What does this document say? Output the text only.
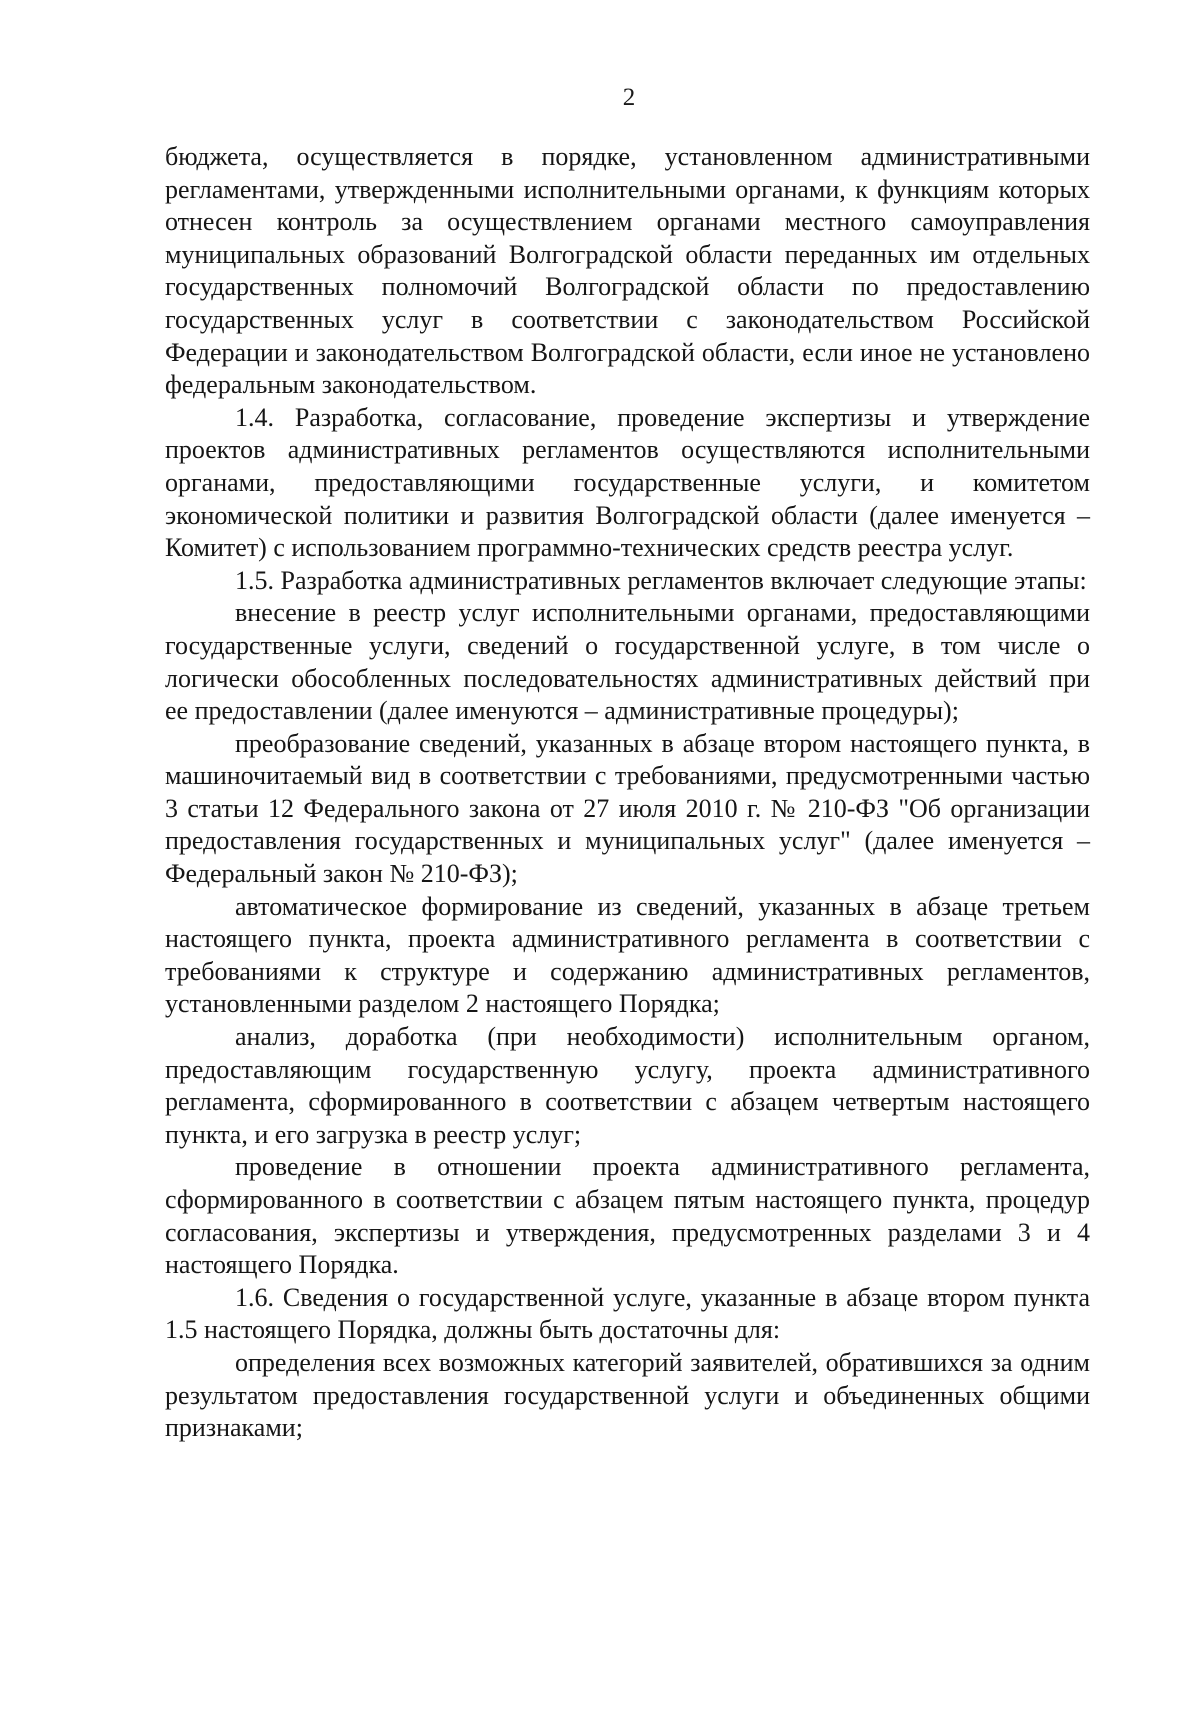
2

бюджета, осуществляется в порядке, установленном административными регламентами, утвержденными исполнительными органами, к функциям которых отнесен контроль за осуществлением органами местного самоуправления муниципальных образований Волгоградской области переданных им отдельных государственных полномочий Волгоградской области по предоставлению государственных услуг в соответствии с законодательством Российской Федерации и законодательством Волгоградской области, если иное не установлено федеральным законодательством.

1.4. Разработка, согласование, проведение экспертизы и утверждение проектов административных регламентов осуществляются исполнительными органами, предоставляющими государственные услуги, и комитетом экономической политики и развития Волгоградской области (далее именуется – Комитет) с использованием программно-технических средств реестра услуг.

1.5. Разработка административных регламентов включает следующие этапы:

внесение в реестр услуг исполнительными органами, предоставляющими государственные услуги, сведений о государственной услуге, в том числе о логически обособленных последовательностях административных действий при ее предоставлении (далее именуются – административные процедуры);

преобразование сведений, указанных в абзаце втором настоящего пункта, в машиночитаемый вид в соответствии с требованиями, предусмотренными частью 3 статьи 12 Федерального закона от 27 июля 2010 г. № 210-ФЗ "Об организации предоставления государственных и муниципальных услуг" (далее именуется – Федеральный закон № 210-ФЗ);

автоматическое формирование из сведений, указанных в абзаце третьем настоящего пункта, проекта административного регламента в соответствии с требованиями к структуре и содержанию административных регламентов, установленными разделом 2 настоящего Порядка;

анализ, доработка (при необходимости) исполнительным органом, предоставляющим государственную услугу, проекта административного регламента, сформированного в соответствии с абзацем четвертым настоящего пункта, и его загрузка в реестр услуг;

проведение в отношении проекта административного регламента, сформированного в соответствии с абзацем пятым настоящего пункта, процедур согласования, экспертизы и утверждения, предусмотренных разделами 3 и 4 настоящего Порядка.

1.6. Сведения о государственной услуге, указанные в абзаце втором пункта 1.5 настоящего Порядка, должны быть достаточны для:

определения всех возможных категорий заявителей, обратившихся за одним результатом предоставления государственной услуги и объединенных общими признаками;
